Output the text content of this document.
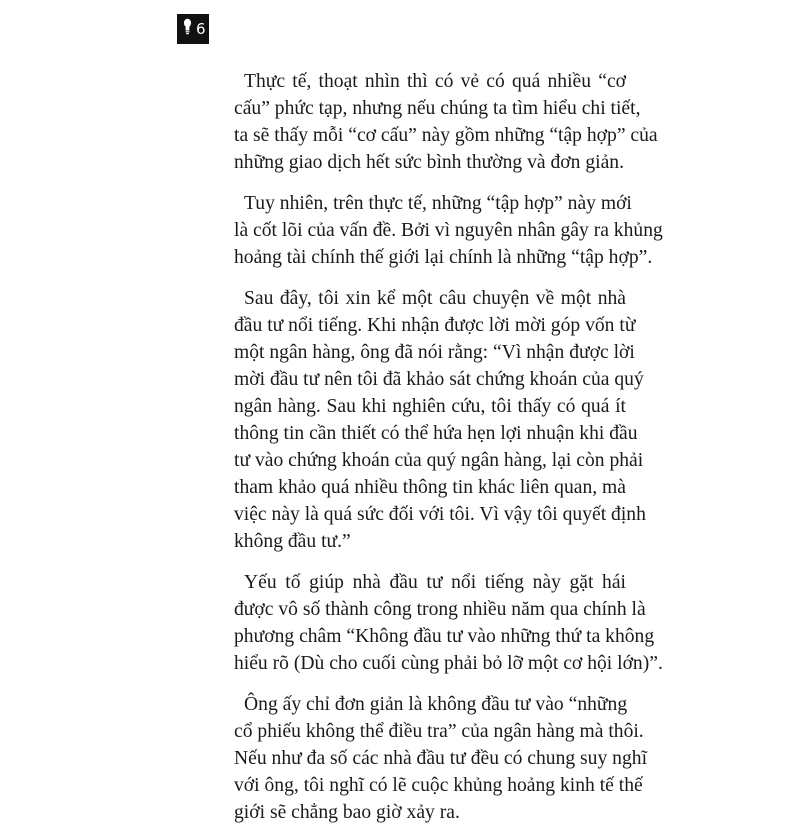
6

Thực tế, thoạt nhìn thì có vẻ có quá nhiều “cơ
cấu” phức tạp, nhưng nếu chúng ta tìm hiểu chi tiết,
ta sẽ thấy mỗi “cơ cấu” này gồm những “tập hợp” của
những giao dịch hết sức bình thường và đơn giản.

Tuy nhiên, trên thực tế, những “tập hợp” này mới
là cốt lõi của vấn đề. Bởi vì nguyên nhân gây ra khủng
hoảng tài chính thế giới lại chính là những “tập hợp”.

Sau đây, tôi xin kể một câu chuyện về một nhà
đầu tư nổi tiếng. Khi nhận được lời mời góp vốn từ
một ngân hàng, ông đã nói rằng: “Vì nhận được lời
mời đầu tư nên tôi đã khảo sát chứng khoán của quý
ngân hàng. Sau khi nghiên cứu, tôi thấy có quá ít
thông tin cần thiết có thể hứa hẹn lợi nhuận khi đầu
tư vào chứng khoán của quý ngân hàng, lại còn phải
tham khảo quá nhiều thông tin khác liên quan, mà
việc này là quá sức đối với tôi. Vì vậy tôi quyết định
không đầu tư.”

Yếu tố giúp nhà đầu tư nổi tiếng này gặt hái
được vô số thành công trong nhiều năm qua chính là
phương châm “Không đầu tư vào những thứ ta không
hiểu rõ (Dù cho cuối cùng phải bỏ lỡ một cơ hội lớn)”.

Ông ấy chỉ đơn giản là không đầu tư vào “những
cổ phiếu không thể điều tra” của ngân hàng mà thôi.
Nếu như đa số các nhà đầu tư đều có chung suy nghĩ
với ông, tôi nghĩ có lẽ cuộc khủng hoảng kinh tế thế
giới sẽ chẳng bao giờ xảy ra.
